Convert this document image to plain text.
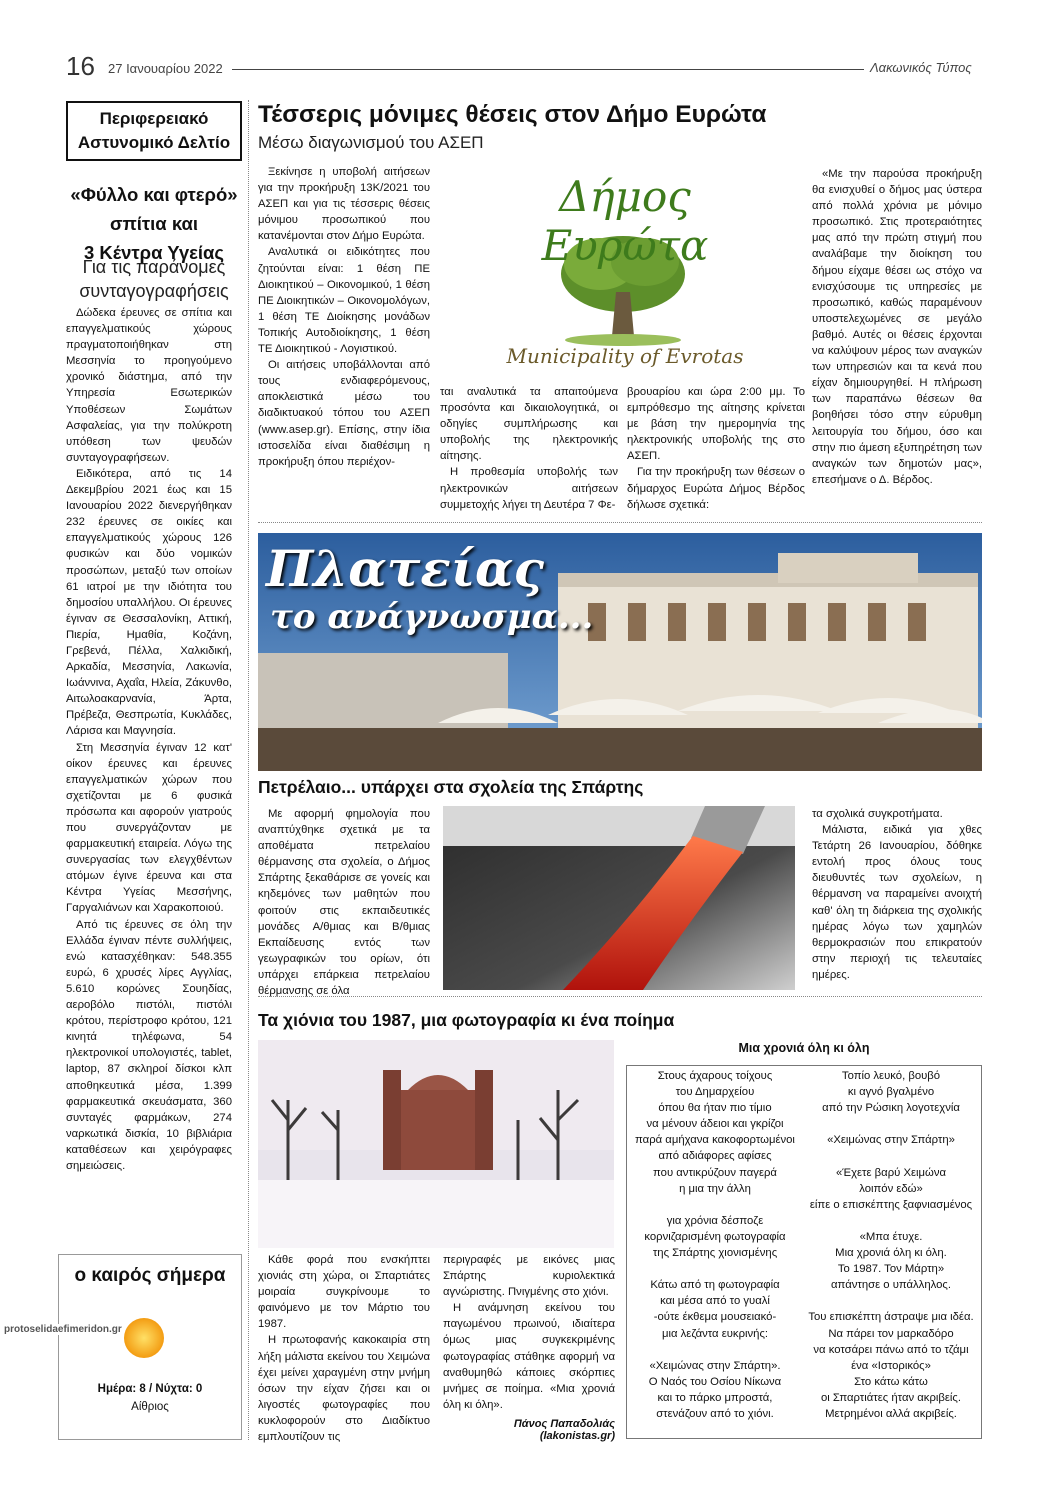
16 27 Ιανουαρίου 2022	Λακωνικός Τύπος
Περιφερειακό
Αστυνομικό Δελτίο
«Φύλλο και φτερό»
σπίτια και
3 Κέντρα Υγείας
Για τις παράνομες
συνταγογραφήσεις

Δώδεκα έρευνες σε σπίτια και επαγγελματικούς χώρους πραγματοποιήθηκαν στη Μεσσηνία το προηγούμενο χρονικό διάστημα, από την Υπηρεσία Εσωτερικών Υποθέσεων Σωμάτων Ασφαλείας, για την πολύκροτη υπόθεση των ψευδών συνταγογραφήσεων.

Ειδικότερα, από τις 14 Δεκεμβρίου 2021 έως και 15 Ιανουαρίου 2022 διενεργήθηκαν 232 έρευνες σε οικίες και επαγγελματικούς χώρους 126 φυσικών και δύο νομικών προσώπων, μεταξύ των οποίων 61 ιατροί με την ιδιότητα του δημοσίου υπαλλήλου. Οι έρευνες έγιναν σε Θεσσαλονίκη, Αττική, Πιερία, Ημαθία, Κοζάνη, Γρεβενά, Πέλλα, Χαλκιδική, Αρκαδία, Μεσσηνία, Λακωνία, Ιωάννινα, Αχαΐα, Ηλεία, Ζάκυνθο, Αιτωλοακαρνανία, Άρτα, Πρέβεζα, Θεσπρωτία, Κυκλάδες, Λάρισα και Μαγνησία.

Στη Μεσσηνία έγιναν 12 κατ' οίκον έρευνες και έρευνες επαγγελματικών χώρων που σχετίζονται με 6 φυσικά πρόσωπα και αφορούν γιατρούς που συνεργάζονταν με φαρμακευτική εταιρεία. Λόγω της συνεργασίας των ελεγχθέντων ατόμων έγινε έρευνα και στα Κέντρα Υγείας Μεσσήνης, Γαργαλιάνων και Χαρακοποιού.

Από τις έρευνες σε όλη την Ελλάδα έγιναν πέντε συλλήψεις, ενώ κατασχέθηκαν: 548.355 ευρώ, 6 χρυσές λίρες Αγγλίας, 5.610 κορώνες Σουηδίας, αεροβόλο πιστόλι, πιστόλι κρότου, περίστροφο κρότου, 121 κινητά τηλέφωνα, 54 ηλεκτρονικοί υπολογιστές, tablet, laptop, 87 σκληροί δίσκοι κλπ αποθηκευτικά μέσα, 1.399 φαρμακευτικά σκευάσματα, 360 συνταγές φαρμάκων, 274 ναρκωτικά δισκία, 10 βιβλιάρια καταθέσεων και χειρόγραφες σημειώσεις.

ο καιρός σήμερα
protoselidaefimeridon.gr
Ημέρα: 8 / Νύχτα: 0
Αίθριος
Τέσσερις μόνιμες θέσεις στον Δήμο Ευρώτα
Μέσω διαγωνισμού του ΑΣΕΠ

Ξεκίνησε η υποβολή αιτήσεων για την προκήρυξη 13Κ/2021 του ΑΣΕΠ και για τις τέσσερις θέσεις μόνιμου προσωπικού που κατανέμονται στον Δήμο Ευρώτα.

Αναλυτικά οι ειδικότητες που ζητούνται είναι: 1 θέση ΠΕ Διοικητικού – Οικονομικού, 1 θέση ΠΕ Διοικητικών – Οικονομολόγων, 1 θέση ΤΕ Διοίκησης μονάδων Τοπικής Αυτοδιοίκησης, 1 θέση ΤΕ Διοικητικού - Λογιστικού.

Οι αιτήσεις υποβάλλονται από τους ενδιαφερόμενους, αποκλειστικά μέσω του διαδικτυακού τόπου του ΑΣΕΠ (www.asep.gr). Επίσης, στην ίδια ιστοσελίδα είναι διαθέσιμη η προκήρυξη όπου περιέχον-

Δήμος Ευρώτα
Municipality of Evrotas

ται αναλυτικά τα απαιτούμενα προσόντα και δικαιολογητικά, οι οδηγίες συμπλήρωσης και υποβολής της ηλεκτρονικής αίτησης.

Η προθεσμία υποβολής των ηλεκτρονικών αιτήσεων συμμετοχής λήγει τη Δευτέρα 7 Φε-

βρουαρίου και ώρα 2:00 μμ. Το εμπρόθεσμο της αίτησης κρίνεται με βάση την ημερομηνία της ηλεκτρονικής υποβολής της στο ΑΣΕΠ.

Για την προκήρυξη των θέσεων ο δήμαρχος Ευρώτα Δήμος Βέρδος δήλωσε σχετικά:

«Με την παρούσα προκήρυξη θα ενισχυθεί ο δήμος μας ύστερα από πολλά χρόνια με μόνιμο προσωπικό. Στις προτεραιότητες μας από την πρώτη στιγμή που αναλάβαμε την διοίκηση του δήμου είχαμε θέσει ως στόχο να ενισχύσουμε τις υπηρεσίες με προσωπικό, καθώς παραμένουν υποστελεχωμένες σε μεγάλο βαθμό. Αυτές οι θέσεις έρχονται να καλύψουν μέρος των αναγκών των υπηρεσιών και τα κενά που είχαν δημιουργηθεί. Η πλήρωση των παραπάνω θέσεων θα βοηθήσει τόσο στην εύρυθμη λειτουργία του δήμου, όσο και στην πιο άμεση εξυπηρέτηση των αναγκών των δημοτών μας», επεσήμανε ο Δ. Βέρδος.

Πλατείας
το ανάγνωσμα...
Πετρέλαιο... υπάρχει στα σχολεία της Σπάρτης

Με αφορμή φημολογία που αναπτύχθηκε σχετικά με τα αποθέματα πετρελαίου θέρμανσης στα σχολεία, ο Δήμος Σπάρτης ξεκαθάρισε σε γονείς και κηδεμόνες των μαθητών που φοιτούν στις εκπαιδευτικές μονάδες Α/θμιας και Β/θμιας Εκπαίδευσης εντός των γεωγραφικών του ορίων, ότι υπάρχει επάρκεια πετρελαίου θέρμανσης σε όλα

τα σχολικά συγκροτήματα.

Μάλιστα, ειδικά για χθες Τετάρτη 26 Ιανουαρίου, δόθηκε εντολή προς όλους τους διευθυντές των σχολείων, η θέρμανση να παραμείνει ανοιχτή καθ' όλη τη διάρκεια της σχολικής ημέρας λόγω των χαμηλών θερμοκρασιών που επικρατούν στην περιοχή τις τελευταίες ημέρες.

Τα χιόνια του 1987, μια φωτογραφία κι ένα ποίημα

Κάθε φορά που ενσκήπτει χιονιάς στη χώρα, οι Σπαρτιάτες μοιραία συγκρίνουμε το φαινόμενο με τον Μάρτιο του 1987.

Η πρωτοφανής κακοκαιρία στη λήξη μάλιστα εκείνου του Χειμώνα έχει μείνει χαραγμένη στην μνήμη όσων την είχαν ζήσει και οι λιγοστές φωτογραφίες που κυκλοφορούν στο Διαδίκτυο εμπλουτίζουν τις

περιγραφές με εικόνες μιας Σπάρτης κυριολεκτικά αγνώριστης. Πνιγμένης στο χιόνι.

Η ανάμνηση εκείνου του παγωμένου πρωινού, ιδιαίτερα όμως μιας συγκεκριμένης φωτογραφίας στάθηκε αφορμή να αναθυμηθώ κάποιες σκόρπιες μνήμες σε ποίημα. «Μια χρονιά όλη κι όλη».

Πάνος Παπαδολιάς (lakonistas.gr)
Μια χρονιά όλη κι όλη
Στους άχαρους τοίχους
του Δημαρχείου
όπου θα ήταν πιο τίμιο
να μένουν άδειοι και γκρίζοι
παρά αμήχανα κακοφορτωμένοι
από αδιάφορες αφίσες
που αντικρύζουν παγερά
η μια την άλλη

για χρόνια δέσποζε
κορνιζαρισμένη φωτογραφία
της Σπάρτης χιονισμένης

Κάτω από τη φωτογραφία
και μέσα από το γυαλί
-ούτε έκθεμα μουσειακό-
μια λεζάντα ευκρινής:

«Χειμώνας στην Σπάρτη».
Ο Ναός του Οσίου Νίκωνα
και το πάρκο μπροστά,
στενάζουν από το χιόνι.
Τοπίο λευκό, βουβό
κι αγνό βγαλμένο
από την Ρώσικη λογοτεχνία

«Χειμώνας στην Σπάρτη»

«Έχετε βαρύ Χειμώνα
λοιπόν εδώ»
είπε ο επισκέπτης ξαφνιασμένος

«Μπα έτυχε.
Μια χρονιά όλη κι όλη.
Το 1987. Τον Μάρτη»
απάντησε ο υπάλληλος.

Του επισκέπτη άστραψε μια ιδέα.
Να πάρει τον μαρκαδόρο
να κοτσάρει πάνω από το τζάμι
ένα «Ιστορικός»
Στο κάτω κάτω
οι Σπαρτιάτες ήταν ακριβείς.
Μετρημένοι αλλά ακριβείς.
